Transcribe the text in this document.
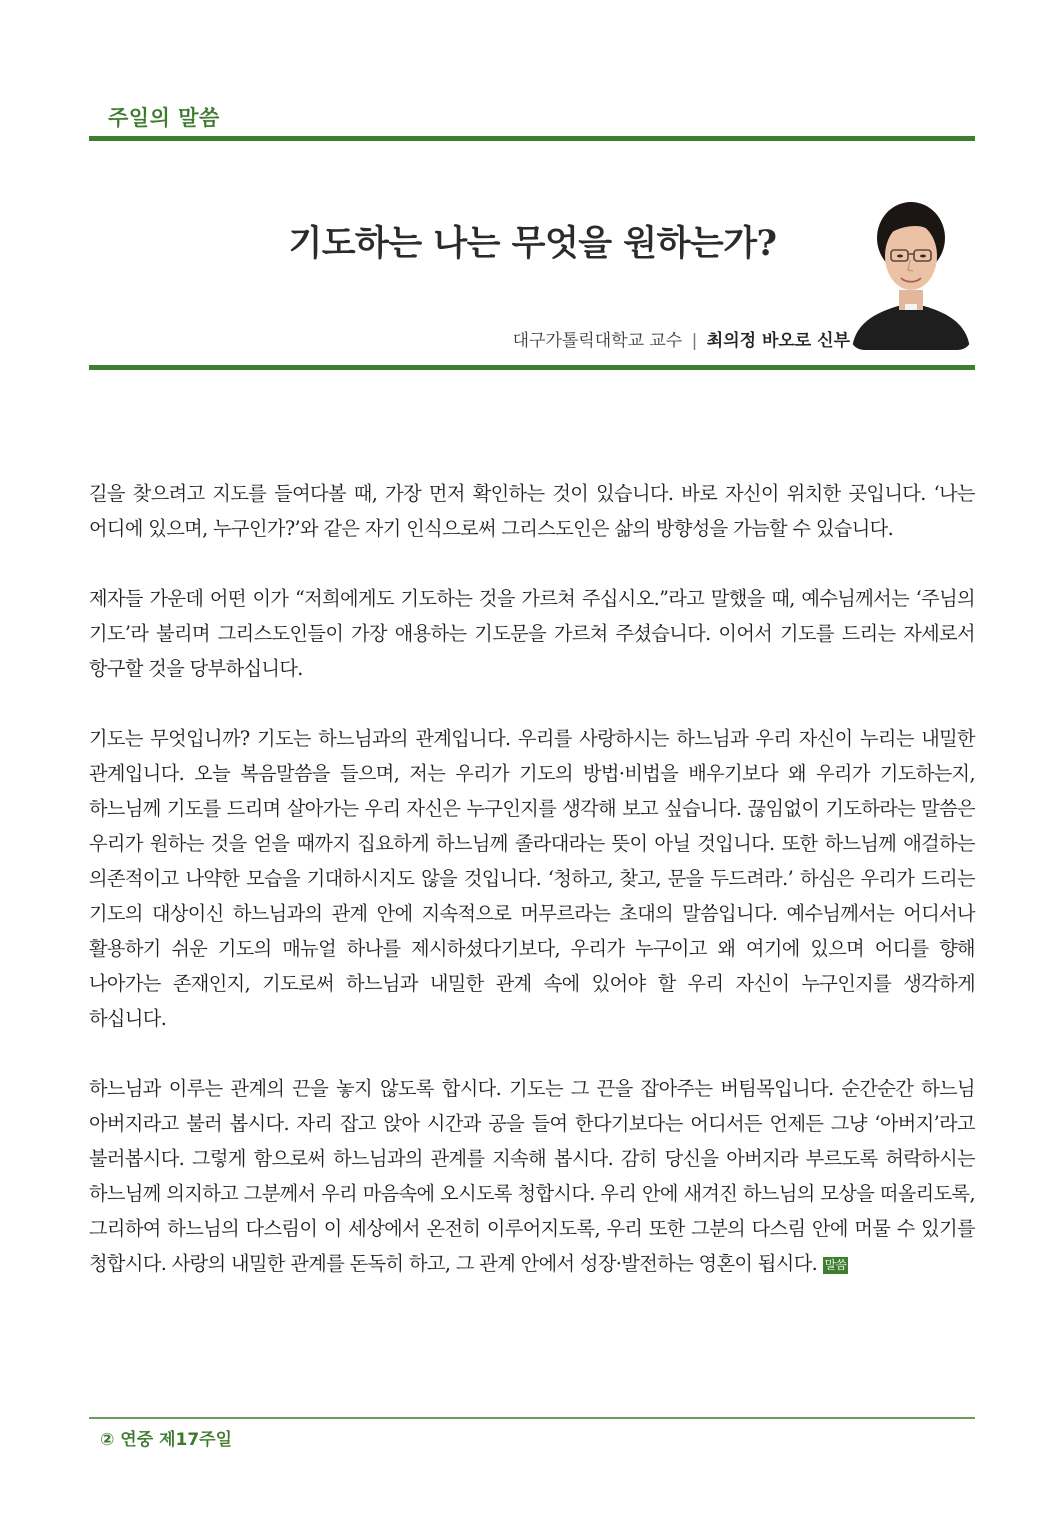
주일의 말씀
기도하는 나는 무엇을 원하는가?
대구가톨릭대학교 교수 | 최의정 바오로 신부

길을 찾으려고 지도를 들여다볼 때, 가장 먼저 확인하는 것이 있습니다. 바로 자신이 위치한 곳입니다. ‘나는 어디에 있으며, 누구인가?’와 같은 자기 인식으로써 그리스도인은 삶의 방향성을 가늠할 수 있습니다.

제자들 가운데 어떤 이가 “저희에게도 기도하는 것을 가르쳐 주십시오.”라고 말했을 때, 예수님께서는 ‘주님의 기도’라 불리며 그리스도인들이 가장 애용하는 기도문을 가르쳐 주셨습니다. 이어서 기도를 드리는 자세로서 항구할 것을 당부하십니다.

기도는 무엇입니까? 기도는 하느님과의 관계입니다. 우리를 사랑하시는 하느님과 우리 자신이 누리는 내밀한 관계입니다. 오늘 복음말씀을 들으며, 저는 우리가 기도의 방법·비법을 배우기보다 왜 우리가 기도하는지, 하느님께 기도를 드리며 살아가는 우리 자신은 누구인지를 생각해 보고 싶습니다. 끊임없이 기도하라는 말씀은 우리가 원하는 것을 얻을 때까지 집요하게 하느님께 졸라대라는 뜻이 아닐 것입니다. 또한 하느님께 애걸하는 의존적이고 나약한 모습을 기대하시지도 않을 것입니다. ‘청하고, 찾고, 문을 두드려라.’ 하심은 우리가 드리는 기도의 대상이신 하느님과의 관계 안에 지속적으로 머무르라는 초대의 말씀입니다. 예수님께서는 어디서나 활용하기 쉬운 기도의 매뉴얼 하나를 제시하셨다기보다, 우리가 누구이고 왜 여기에 있으며 어디를 향해 나아가는 존재인지, 기도로써 하느님과 내밀한 관계 속에 있어야 할 우리 자신이 누구인지를 생각하게 하십니다.

하느님과 이루는 관계의 끈을 놓지 않도록 합시다. 기도는 그 끈을 잡아주는 버팀목입니다. 순간순간 하느님 아버지라고 불러 봅시다. 자리 잡고 앉아 시간과 공을 들여 한다기보다는 어디서든 언제든 그냥 ‘아버지’라고 불러봅시다. 그렇게 함으로써 하느님과의 관계를 지속해 봅시다. 감히 당신을 아버지라 부르도록 허락하시는 하느님께 의지하고 그분께서 우리 마음속에 오시도록 청합시다. 우리 안에 새겨진 하느님의 모상을 떠올리도록, 그리하여 하느님의 다스림이 이 세상에서 온전히 이루어지도록, 우리 또한 그분의 다스림 안에 머물 수 있기를 청합시다. 사랑의 내밀한 관계를 돈독히 하고, 그 관계 안에서 성장·발전하는 영혼이 됩시다. 말씀

② 연중 제17주일
